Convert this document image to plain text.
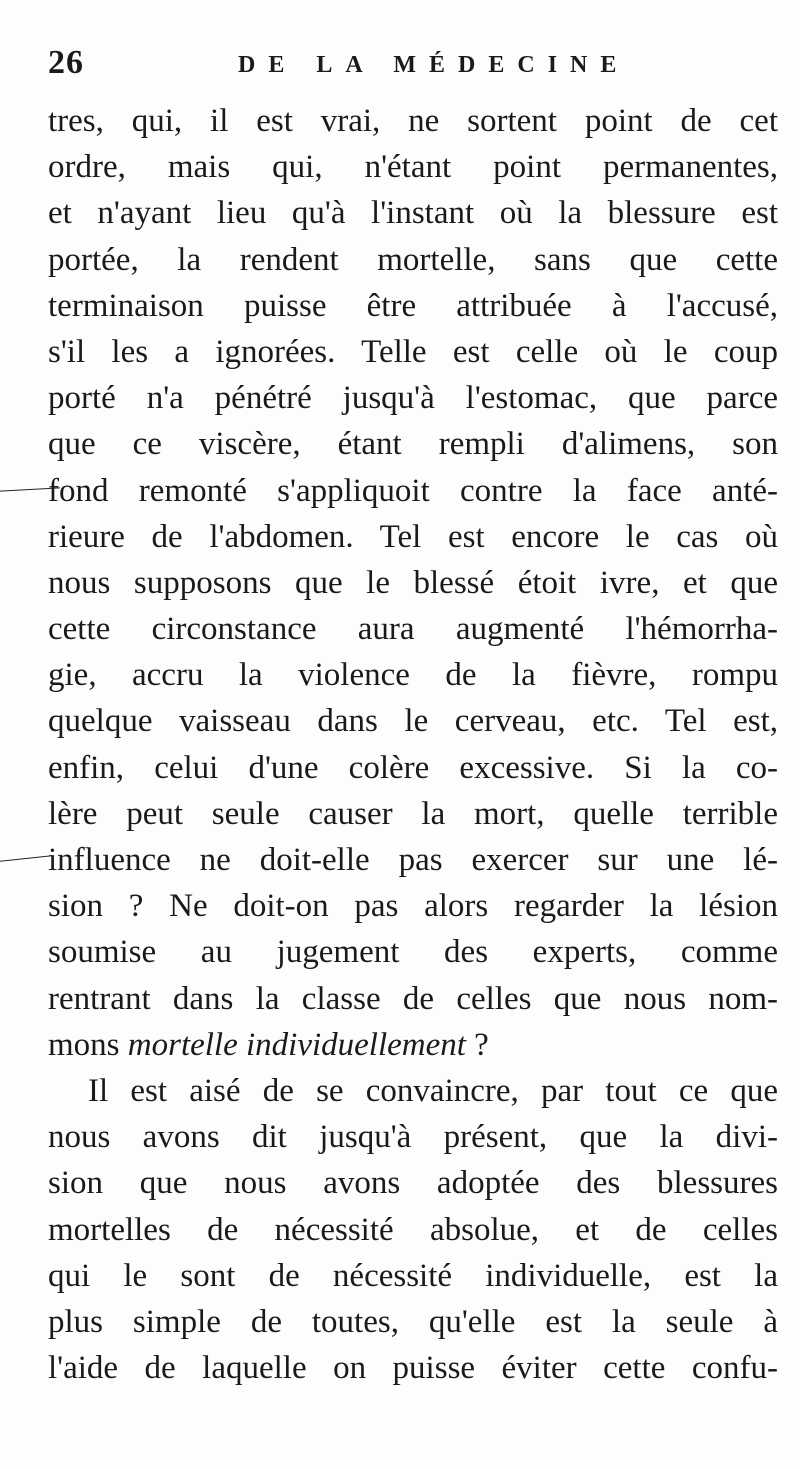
26	DE LA MÉDECINE
tres, qui, il est vrai, ne sortent point de cet
ordre, mais qui, n'étant point permanentes,
et n'ayant lieu qu'à l'instant où la blessure est
portée, la rendent mortelle, sans que cette
terminaison puisse être attribuée à l'accusé,
s'il les a ignorées. Telle est celle où le coup
porté n'a pénétré jusqu'à l'estomac, que parce
que ce viscère, étant rempli d'alimens, son
fond remonté s'appliquoit contre la face anté-
rieure de l'abdomen. Tel est encore le cas où
nous supposons que le blessé étoit ivre, et que
cette circonstance aura augmenté l'hémorrha-
gie, accru la violence de la fièvre, rompu
quelque vaisseau dans le cerveau, etc. Tel est,
enfin, celui d'une colère excessive. Si la co-
lère peut seule causer la mort, quelle terrible
influence ne doit-elle pas exercer sur une lé-
sion ? Ne doit-on pas alors regarder la lésion
soumise au jugement des experts, comme
rentrant dans la classe de celles que nous nom-
mons mortelle individuellement ?
Il est aisé de se convaincre, par tout ce que
nous avons dit jusqu'à présent, que la divi-
sion que nous avons adoptée des blessures
mortelles de nécessité absolue, et de celles
qui le sont de nécessité individuelle, est la
plus simple de toutes, qu'elle est la seule à
l'aide de laquelle on puisse éviter cette confu-
